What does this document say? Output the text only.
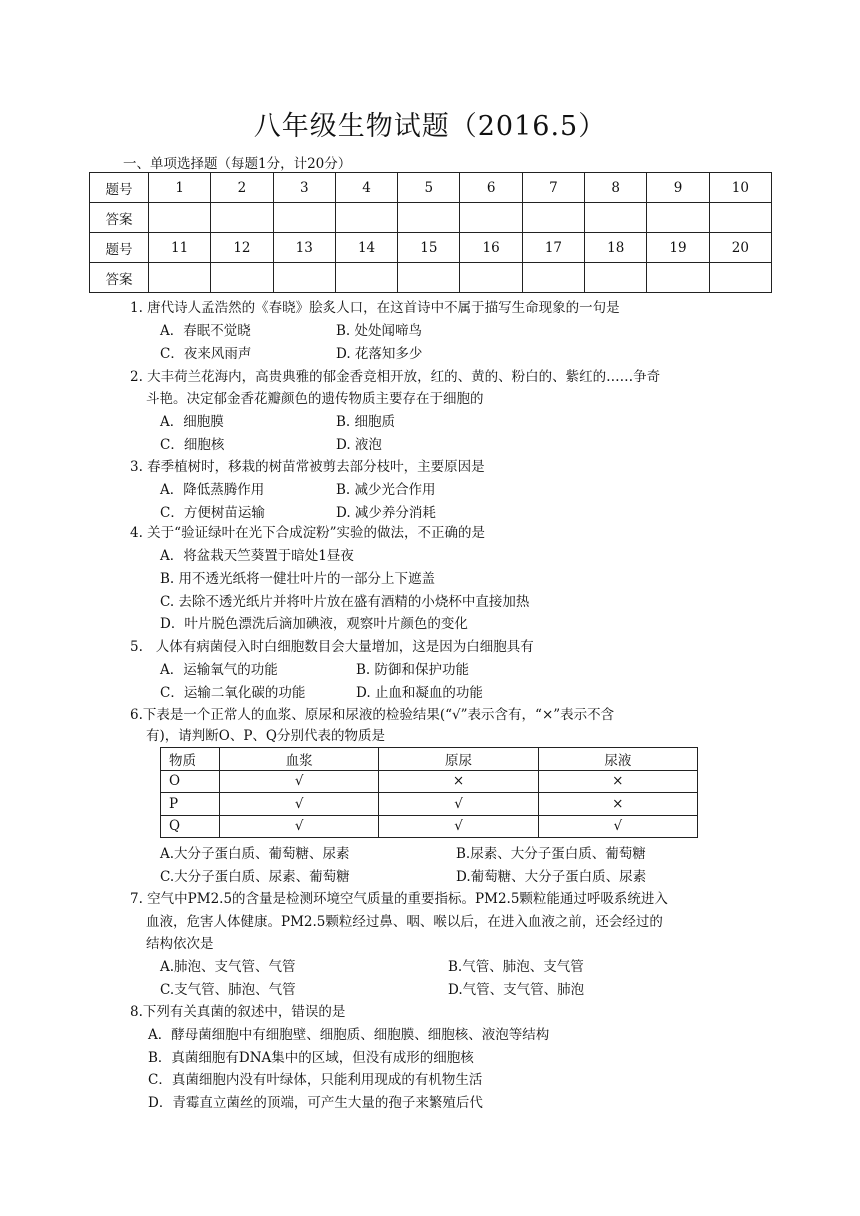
八年级生物试题（2016.5）
一、单项选择题（每题1分，计20分）
题号	1	2	3	4	5	6	7	8	9	10
答案										
题号	11	12	13	14	15	16	17	18	19	20
答案										
1. 唐代诗人孟浩然的《春晓》脍炙人口，在这首诗中不属于描写生命现象的一句是
A．春眠不觉晓	B. 处处闻啼鸟
C．夜来风雨声	D. 花落知多少
2. 大丰荷兰花海内，高贵典雅的郁金香竞相开放，红的、黄的、粉白的、紫红的……争奇
斗艳。决定郁金香花瓣颜色的遗传物质主要存在于细胞的
A．细胞膜	B. 细胞质
C．细胞核	D. 液泡
3. 春季植树时，移栽的树苗常被剪去部分枝叶，主要原因是
A．降低蒸腾作用	B. 减少光合作用
C．方便树苗运输	D. 减少养分消耗
4. 关于“验证绿叶在光下合成淀粉”实验的做法，不正确的是
A．将盆栽天竺葵置于暗处1昼夜
B. 用不透光纸将一健壮叶片的一部分上下遮盖
C. 去除不透光纸片并将叶片放在盛有酒精的小烧杯中直接加热
D．叶片脱色漂洗后滴加碘液，观察叶片颜色的变化
5.   人体有病菌侵入时白细胞数目会大量增加，这是因为白细胞具有
A．运输氧气的功能	B. 防御和保护功能
C．运输二氧化碳的功能	D. 止血和凝血的功能
6.下表是一个正常人的血浆、原尿和尿液的检验结果(“√”表示含有，“×”表示不含
有)，请判断O、P、Q分别代表的物质是
物质	血浆	原尿	尿液
O	√	×	×
P	√	√	×
Q	√	√	√
A.大分子蛋白质、葡萄糖、尿素	B.尿素、大分子蛋白质、葡萄糖
C.大分子蛋白质、尿素、葡萄糖	D.葡萄糖、大分子蛋白质、尿素
7. 空气中PM2.5的含量是检测环境空气质量的重要指标。PM2.5颗粒能通过呼吸系统进入
血液，危害人体健康。PM2.5颗粒经过鼻、咽、喉以后，在进入血液之前，还会经过的
结构依次是
A.肺泡、支气管、气管	B.气管、肺泡、支气管
C.支气管、肺泡、气管	D.气管、支气管、肺泡
8.下列有关真菌的叙述中，错误的是
A．酵母菌细胞中有细胞壁、细胞质、细胞膜、细胞核、液泡等结构
B．真菌细胞有DNA集中的区域，但没有成形的细胞核
C．真菌细胞内没有叶绿体，只能利用现成的有机物生活
D．青霉直立菌丝的顶端，可产生大量的孢子来繁殖后代
